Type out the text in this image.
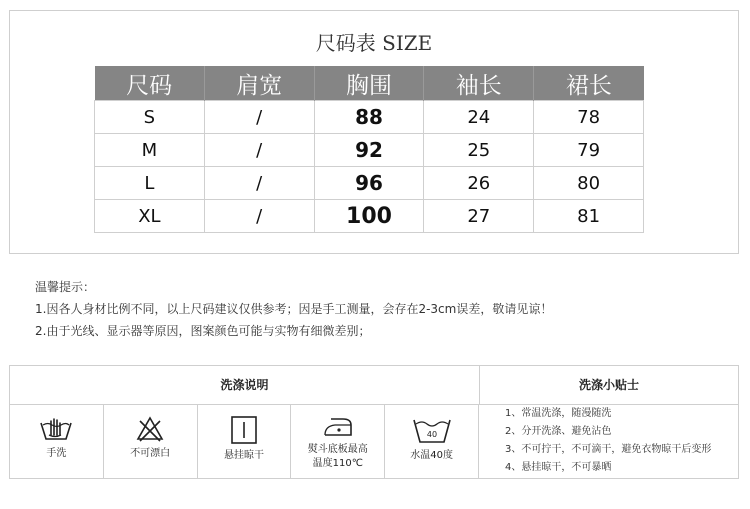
尺码表 SIZE
尺码	肩宽	胸围	袖长	裙长
S	/	88	24	78
M	/	92	25	79
L	/	96	26	80
XL	/	100	27	81
温馨提示：
1.因各人身材比例不同，以上尺码建议仅供参考；因是手工测量，会存在2-3cm误差，敬请见谅！
2.由于光线、显示器等原因，图案颜色可能与实物有细微差别；
洗涤说明	洗涤小贴士
手洗	不可漂白	悬挂晾干
熨斗底板最高
温度110℃
40
水温40度
1、常温洗涤，随漫随洗
2、分开洗涤、避免沾色
3、不可拧干，不可滴干，避免衣物晾干后变形
4、悬挂晾干，不可暴晒
